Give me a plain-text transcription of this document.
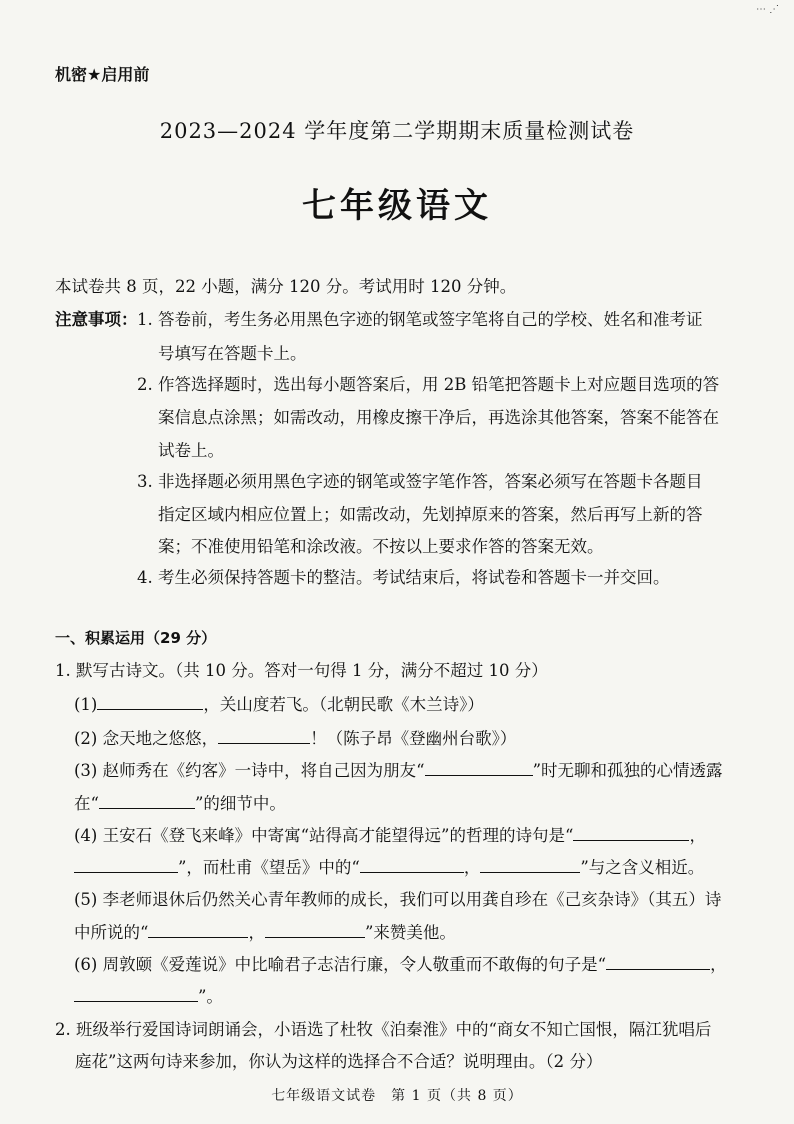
⋯ ⋰
机密★启用前
2023—2024 学年度第二学期期末质量检测试卷
七年级语文
本试卷共 8 页，22 小题，满分 120 分。考试用时 120 分钟。
注意事项： 1. 答卷前，考生务必用黑色字迹的钢笔或签字笔将自己的学校、姓名和准考证
号填写在答题卡上。
2. 作答选择题时，选出每小题答案后，用 2B 铅笔把答题卡上对应题目选项的答
案信息点涂黑；如需改动，用橡皮擦干净后，再选涂其他答案，答案不能答在
试卷上。
3. 非选择题必须用黑色字迹的钢笔或签字笔作答，答案必须写在答题卡各题目
指定区域内相应位置上；如需改动，先划掉原来的答案，然后再写上新的答
案；不准使用铅笔和涂改液。不按以上要求作答的答案无效。
4. 考生必须保持答题卡的整洁。考试结束后，将试卷和答题卡一并交回。
一、积累运用（29 分）
1. 默写古诗文。（共 10 分。答对一句得 1 分，满分不超过 10 分）
(1)	，关山度若飞。（北朝民歌《木兰诗》）
(2) 念天地之悠悠，	！（陈子昂《登幽州台歌》）
(3) 赵师秀在《约客》一诗中，将自己因为朋友“	”时无聊和孤独的心情透露
在“	”的细节中。
(4) 王安石《登飞来峰》中寄寓“站得高才能望得远”的哲理的诗句是“	，
”，而杜甫《望岳》中的“	，	”与之含义相近。
(5) 李老师退休后仍然关心青年教师的成长，我们可以用龚自珍在《己亥杂诗》（其五）诗
中所说的“	，	”来赞美他。
(6) 周敦颐《爱莲说》中比喻君子志洁行廉，令人敬重而不敢侮的句子是“	，
”。
2. 班级举行爱国诗词朗诵会，小语选了杜牧《泊秦淮》中的“商女不知亡国恨，隔江犹唱后
庭花”这两句诗来参加，你认为这样的选择合不合适？说明理由。（2 分）
七年级语文试卷　第 1 页（共 8 页）
